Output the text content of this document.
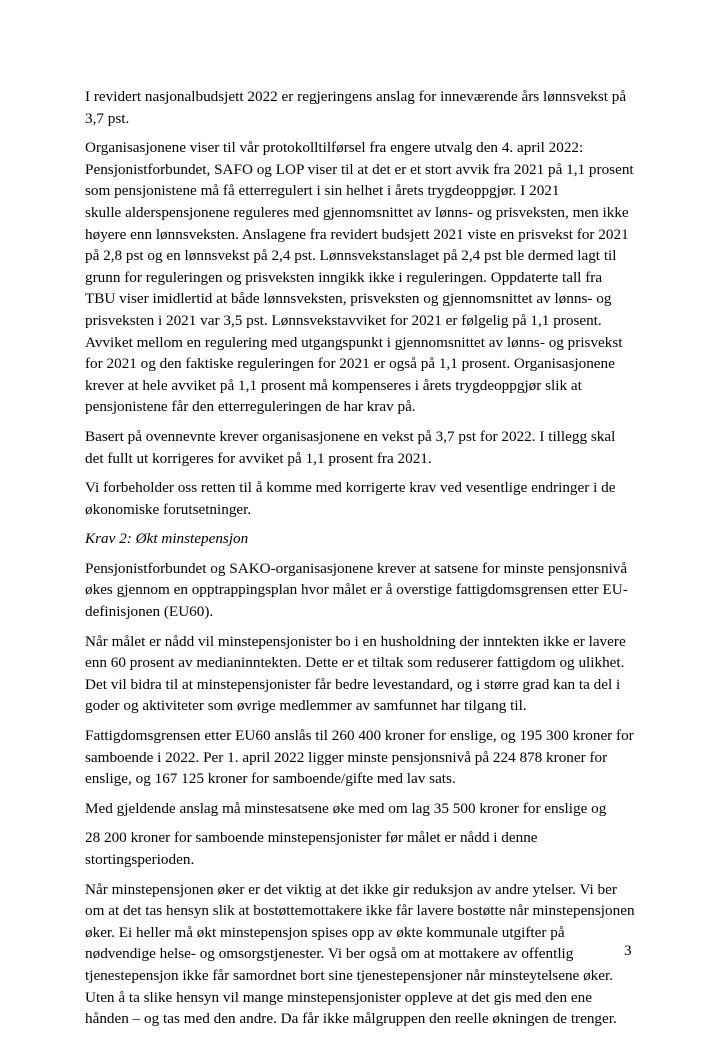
I revidert nasjonalbudsjett 2022 er regjeringens anslag for inneværende års lønnsvekst på 3,7 pst.

Organisasjonene viser til vår protokolltilførsel fra engere utvalg den 4. april 2022: Pensjonistforbundet, SAFO og LOP viser til at det er et stort avvik fra 2021 på 1,1 prosent som pensjonistene må få etterregulert i sin helhet i årets trygdeoppgjør. I 2021

skulle alderspensjonene reguleres med gjennomsnittet av lønns- og prisveksten, men ikke høyere enn lønnsveksten. Anslagene fra revidert budsjett 2021 viste en prisvekst for 2021 på 2,8 pst og en lønnsvekst på 2,4 pst. Lønnsvekstanslaget på 2,4 pst ble dermed lagt til grunn for reguleringen og prisveksten inngikk ikke i reguleringen. Oppdaterte tall fra TBU viser imidlertid at både lønnsveksten, prisveksten og gjennomsnittet av lønns- og prisveksten i 2021 var 3,5 pst. Lønnsvekstavviket for 2021 er følgelig på 1,1 prosent. Avviket mellom en regulering med utgangspunkt i gjennomsnittet av lønns- og prisvekst for 2021 og den faktiske reguleringen for 2021 er også på 1,1 prosent. Organisasjonene krever at hele avviket på 1,1 prosent må kompenseres i årets trygdeoppgjør slik at pensjonistene får den etterreguleringen de har krav på.

Basert på ovennevnte krever organisasjonene en vekst på 3,7 pst for 2022. I tillegg skal det fullt ut korrigeres for avviket på 1,1 prosent fra 2021.

Vi forbeholder oss retten til å komme med korrigerte krav ved vesentlige endringer i de økonomiske forutsetninger.

Krav 2: Økt minstepensjon

Pensjonistforbundet og SAKO-organisasjonene krever at satsene for minste pensjonsnivå økes gjennom en opptrappingsplan hvor målet er å overstige fattigdomsgrensen etter EU-definisjonen (EU60).

Når målet er nådd vil minstepensjonister bo i en husholdning der inntekten ikke er lavere enn 60 prosent av medianinntekten. Dette er et tiltak som reduserer fattigdom og ulikhet. Det vil bidra til at minstepensjonister får bedre levestandard, og i større grad kan ta del i goder og aktiviteter som øvrige medlemmer av samfunnet har tilgang til.

Fattigdomsgrensen etter EU60 anslås til 260 400 kroner for enslige, og 195 300 kroner for samboende i 2022. Per 1. april 2022 ligger minste pensjonsnivå på 224 878 kroner for enslige, og 167 125 kroner for samboende/gifte med lav sats.

Med gjeldende anslag må minstesatsene øke med om lag 35 500 kroner for enslige og

28 200 kroner for samboende minstepensjonister før målet er nådd i denne stortingsperioden.

Når minstepensjonen øker er det viktig at det ikke gir reduksjon av andre ytelser. Vi ber om at det tas hensyn slik at bostøttemottakere ikke får lavere bostøtte når minstepensjonen øker. Ei heller må økt minstepensjon spises opp av økte kommunale utgifter på nødvendige helse- og omsorgstjenester. Vi ber også om at mottakere av offentlig tjenestepensjon ikke får samordnet bort sine tjenestepensjoner når minsteytelsene øker. Uten å ta slike hensyn vil mange minstepensjonister oppleve at det gis med den ene hånden – og tas med den andre. Da får ikke målgruppen den reelle økningen de trenger.

3
